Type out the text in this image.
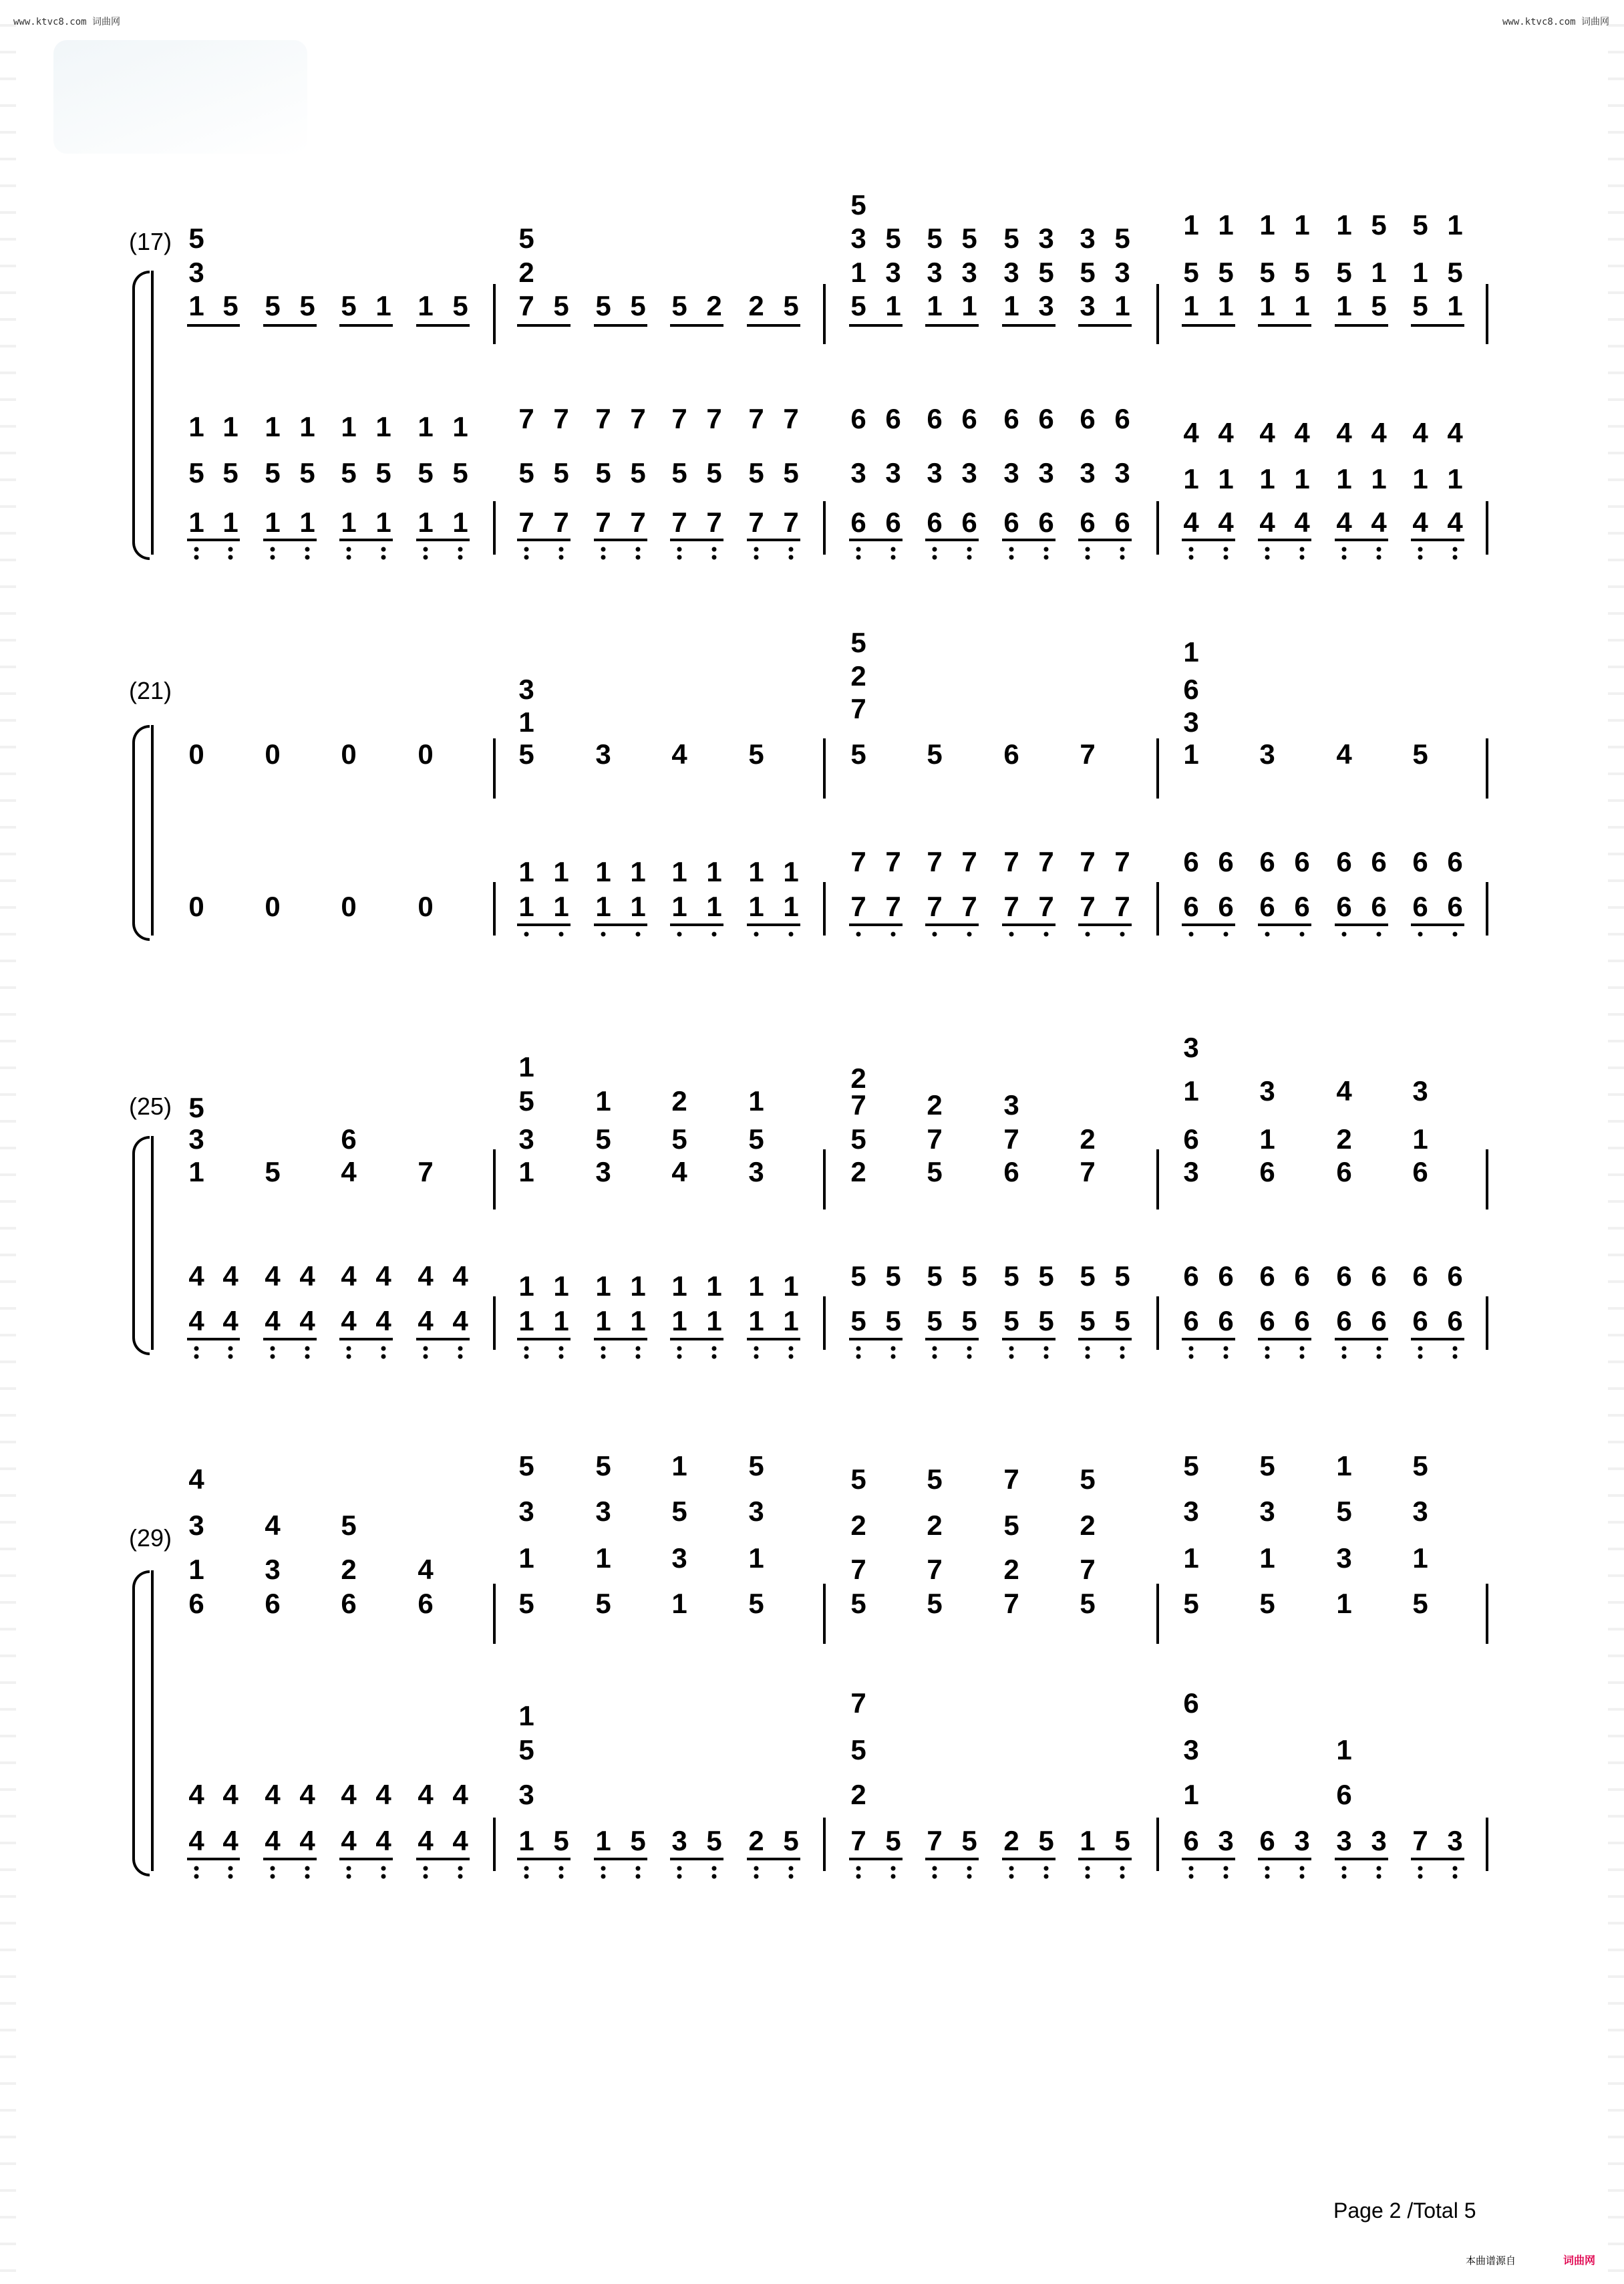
www.ktvc8.com 词曲网	www.ktvc8.com 词曲网
(17)
(21)
(25)
(29)
5
3
1 5 5 5 5 1 1 5
5
2
7 5 5 5 5 2 2 5
5
3 5 5 5 5 3 3 5
1 3 3 3 3 5 5 3
5 1 1 1 1 3 3 1
1 1 1 1 1 5 5 1
5 5 5 5 5 1 1 5
1 1 1 1 1 5 5 1
1 1 1 1 1 1 1 1
5 5 5 5 5 5 5 5
1 1 1 1 1 1 1 1
7 7 7 7 7 7 7 7
5 5 5 5 5 5 5 5
7 7 7 7 7 7 7 7
6 6 6 6 6 6 6 6
3 3 3 3 3 3 3 3
6 6 6 6 6 6 6 6
4 4 4 4 4 4 4 4
1 1 1 1 1 1 1 1
4 4 4 4 4 4 4 4
0 0 0 0
3
1
5 3 4 5
5
2
7
5 5 6 7
1
6
3
1 3 4 5
0 0 0 0
1 1 1 1 1 1 1 1
1 1 1 1 1 1 1 1
7 7 7 7 7 7 7 7
7 7 7 7 7 7 7 7
6 6 6 6 6 6 6 6
6 6 6 6 6 6 6 6
5
3
1 5
6
4 7
1
5
3
1
1
5
3
2
5
4
1
5
3
2
7
5
2
2
7
5
3
7
6
2
7
3
1
6
3
3
1
6
4
2
6
3
1
6
4 4 4 4 4 4 4 4
4 4 4 4 4 4 4 4
1 1 1 1 1 1 1 1
1 1 1 1 1 1 1 1
5 5 5 5 5 5 5 5
5 5 5 5 5 5 5 5
6 6 6 6 6 6 6 6
6 6 6 6 6 6 6 6
4
3
1
6
4
3
6
5
2
6
4
6
5
3
1
5
5
3
1
5
1
5
3
1
5
3
1
5
5
2
7
5
5
2
7
5
7
5
2
7
5
2
7
5
5
3
1
5
5
3
1
5
1
5
3
1
5
3
1
5
4 4 4 4 4 4 4 4
4 4 4 4 4 4 4 4
1
5
3
1 5 1 5 3 5 2 5
7
5
2
7 5 7 5 2 5 1 5
6
3
1
6 3 6 3
1
6
3 3 7 3
Page 2 /Total 5
本曲谱源自	词曲网
